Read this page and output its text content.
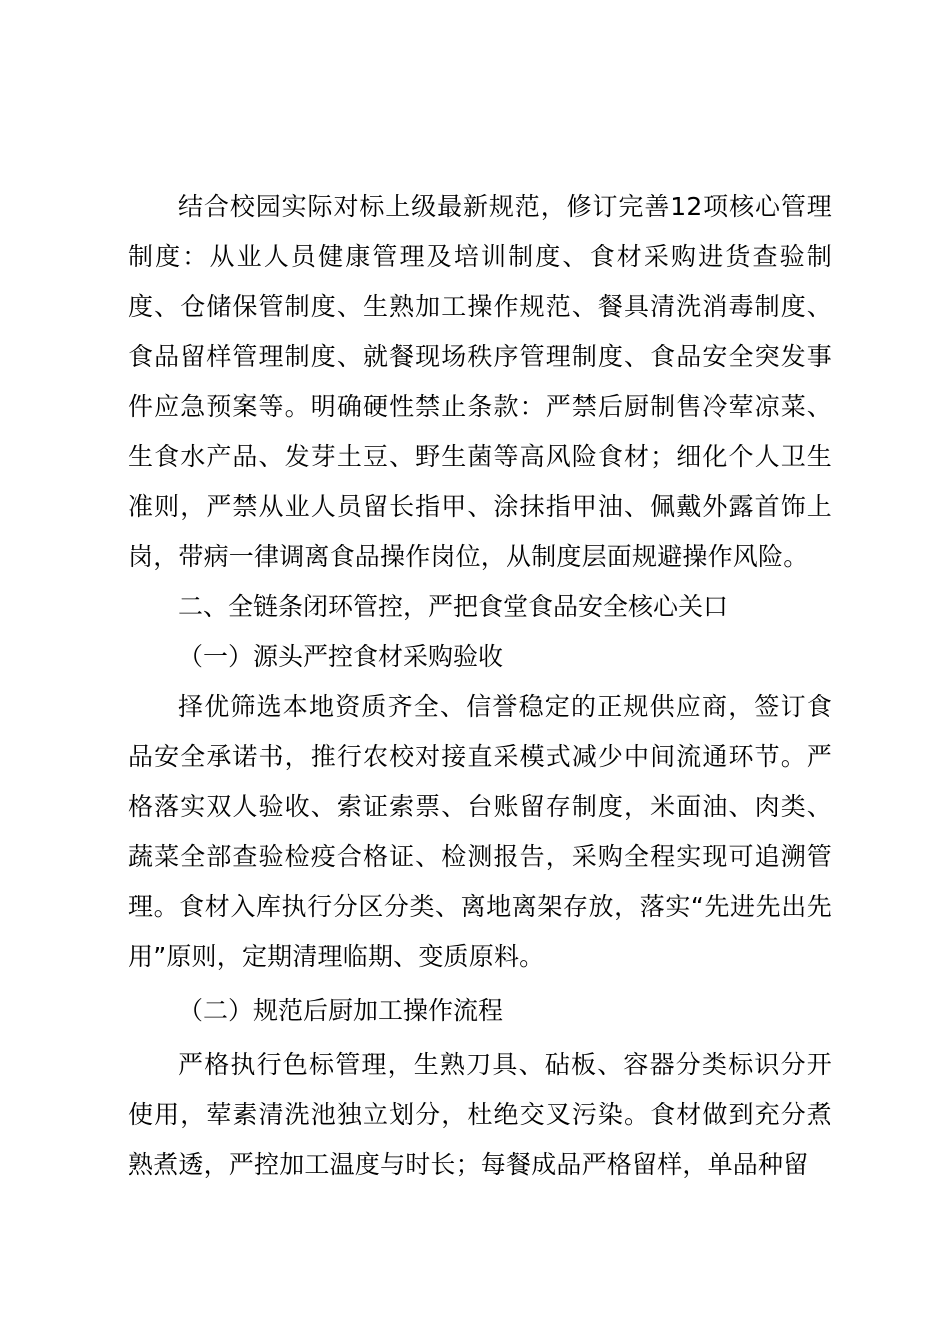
结合校园实际对标上级最新规范，修订完善12项核心管理制度：从业人员健康管理及培训制度、食材采购进货查验制度、仓储保管制度、生熟加工操作规范、餐具清洗消毒制度、食品留样管理制度、就餐现场秩序管理制度、食品安全突发事件应急预案等。明确硬性禁止条款：严禁后厨制售冷荤凉菜、生食水产品、发芽土豆、野生菌等高风险食材；细化个人卫生准则，严禁从业人员留长指甲、涂抹指甲油、佩戴外露首饰上岗，带病一律调离食品操作岗位，从制度层面规避操作风险。

二、全链条闭环管控，严把食堂食品安全核心关口

（一）源头严控食材采购验收

择优筛选本地资质齐全、信誉稳定的正规供应商，签订食品安全承诺书，推行农校对接直采模式减少中间流通环节。严格落实双人验收、索证索票、台账留存制度，米面油、肉类、蔬菜全部查验检疫合格证、检测报告，采购全程实现可追溯管理。食材入库执行分区分类、离地离架存放，落实“先进先出先用”原则，定期清理临期、变质原料。

（二）规范后厨加工操作流程

严格执行色标管理，生熟刀具、砧板、容器分类标识分开使用，荤素清洗池独立划分，杜绝交叉污染。食材做到充分煮熟煮透，严控加工温度与时长；每餐成品严格留样，单品种留
